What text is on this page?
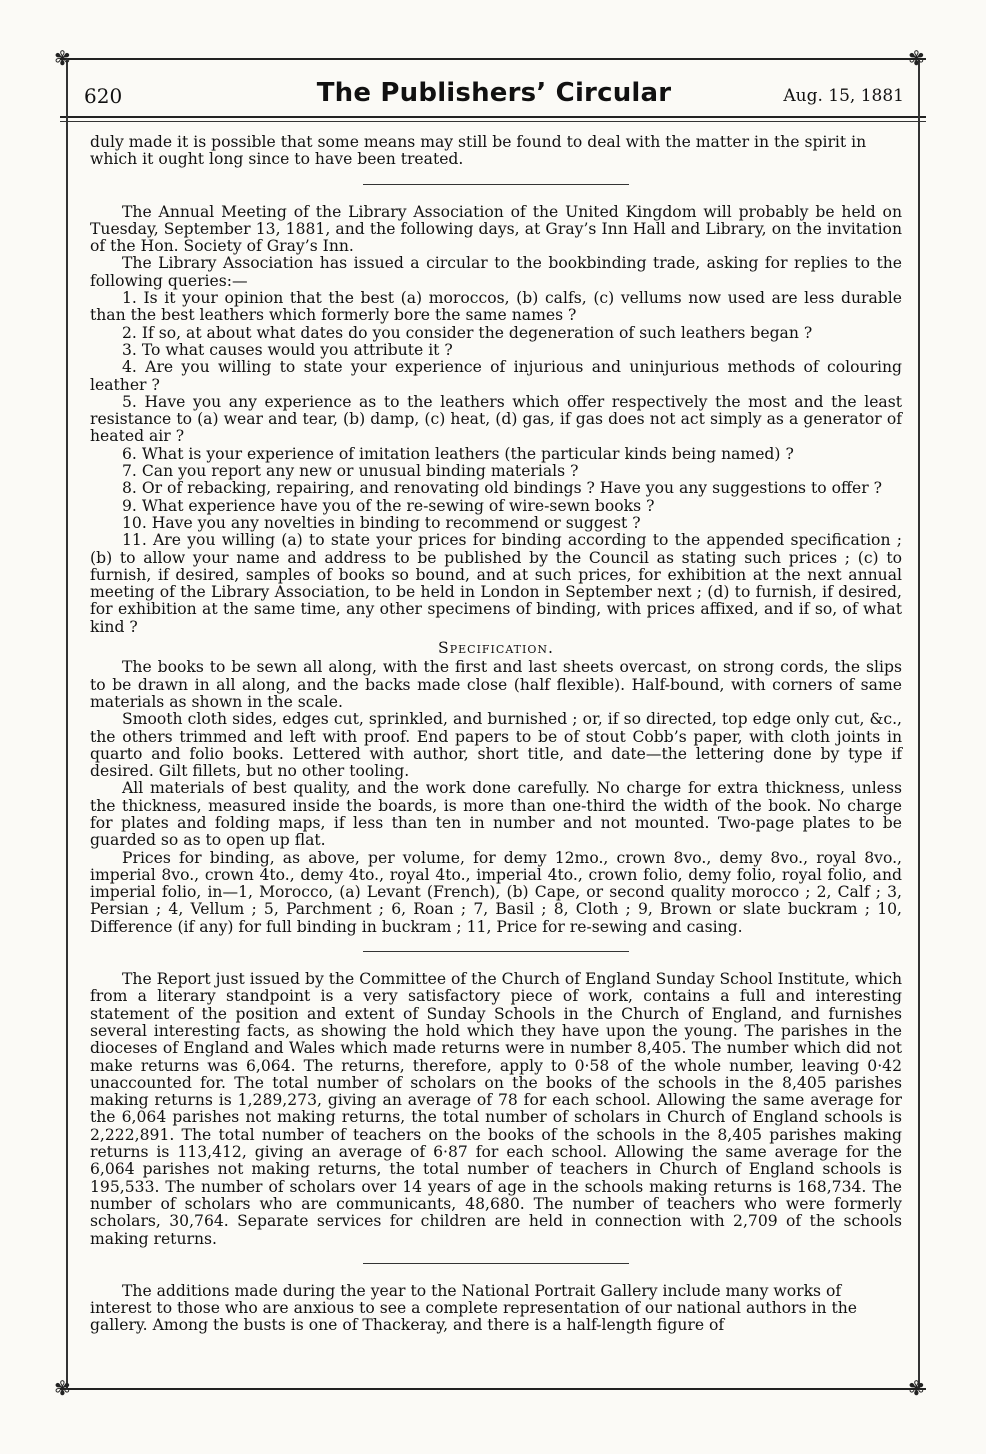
✾	✾
✾	✾
620	The Publishers’ Circular	Aug. 15, 1881

duly made it is possible that some means may still be found to deal with the matter in the spirit in which it ought long since to have been treated.

The Annual Meeting of the Library Association of the United Kingdom will probably be held on Tuesday, September 13, 1881, and the following days, at Gray’s Inn Hall and Library, on the invitation of the Hon. Society of Gray’s Inn.

The Library Association has issued a circular to the bookbinding trade, asking for replies to the following queries:—

1. Is it your opinion that the best (a) moroccos, (b) calfs, (c) vellums now used are less durable than the best leathers which formerly bore the same names ?

2. If so, at about what dates do you consider the degeneration of such leathers began ?

3. To what causes would you attribute it ?

4. Are you willing to state your experience of injurious and uninjurious methods of colouring leather ?

5. Have you any experience as to the leathers which offer respectively the most and the least resistance to (a) wear and tear, (b) damp, (c) heat, (d) gas, if gas does not act simply as a generator of heated air ?

6. What is your experience of imitation leathers (the particular kinds being named) ?

7. Can you report any new or unusual binding materials ?

8. Or of rebacking, repairing, and renovating old bindings ? Have you any suggestions to offer ?

9. What experience have you of the re-sewing of wire-sewn books ?

10. Have you any novelties in binding to recommend or suggest ?

11. Are you willing (a) to state your prices for binding according to the appended specification ; (b) to allow your name and address to be published by the Council as stating such prices ; (c) to furnish, if desired, samples of books so bound, and at such prices, for exhibition at the next annual meeting of the Library Association, to be held in London in September next ; (d) to furnish, if desired, for exhibition at the same time, any other specimens of binding, with prices affixed, and if so, of what kind ?

Specification.

The books to be sewn all along, with the first and last sheets overcast, on strong cords, the slips to be drawn in all along, and the backs made close (half flexible). Half-bound, with corners of same materials as shown in the scale.

Smooth cloth sides, edges cut, sprinkled, and burnished ; or, if so directed, top edge only cut, &c., the others trimmed and left with proof. End papers to be of stout Cobb’s paper, with cloth joints in quarto and folio books. Lettered with author, short title, and date—the lettering done by type if desired. Gilt fillets, but no other tooling.

All materials of best quality, and the work done carefully. No charge for extra thickness, unless the thickness, measured inside the boards, is more than one-third the width of the book. No charge for plates and folding maps, if less than ten in number and not mounted. Two-page plates to be guarded so as to open up flat.

Prices for binding, as above, per volume, for demy 12mo., crown 8vo., demy 8vo., royal 8vo., imperial 8vo., crown 4to., demy 4to., royal 4to., imperial 4to., crown folio, demy folio, royal folio, and imperial folio, in—1, Morocco, (a) Levant (French), (b) Cape, or second quality morocco ; 2, Calf ; 3, Persian ; 4, Vellum ; 5, Parchment ; 6, Roan ; 7, Basil ; 8, Cloth ; 9, Brown or slate buckram ; 10, Difference (if any) for full binding in buckram ; 11, Price for re-sewing and casing.

The Report just issued by the Committee of the Church of England Sunday School Institute, which from a literary standpoint is a very satisfactory piece of work, contains a full and interesting statement of the position and extent of Sunday Schools in the Church of England, and furnishes several interesting facts, as showing the hold which they have upon the young. The parishes in the dioceses of England and Wales which made returns were in number 8,405. The number which did not make returns was 6,064. The returns, therefore, apply to 0·58 of the whole number, leaving 0·42 unaccounted for. The total number of scholars on the books of the schools in the 8,405 parishes making returns is 1,289,273, giving an average of 78 for each school. Allowing the same average for the 6,064 parishes not making returns, the total number of scholars in Church of England schools is 2,222,891. The total number of teachers on the books of the schools in the 8,405 parishes making returns is 113,412, giving an average of 6·87 for each school. Allowing the same average for the 6,064 parishes not making returns, the total number of teachers in Church of England schools is 195,533. The number of scholars over 14 years of age in the schools making returns is 168,734. The number of scholars who are communicants, 48,680. The number of teachers who were formerly scholars, 30,764. Separate services for children are held in connection with 2,709 of the schools making returns.

The additions made during the year to the National Portrait Gallery include many works of interest to those who are anxious to see a complete representation of our national authors in the gallery. Among the busts is one of Thackeray, and there is a half-length figure of
